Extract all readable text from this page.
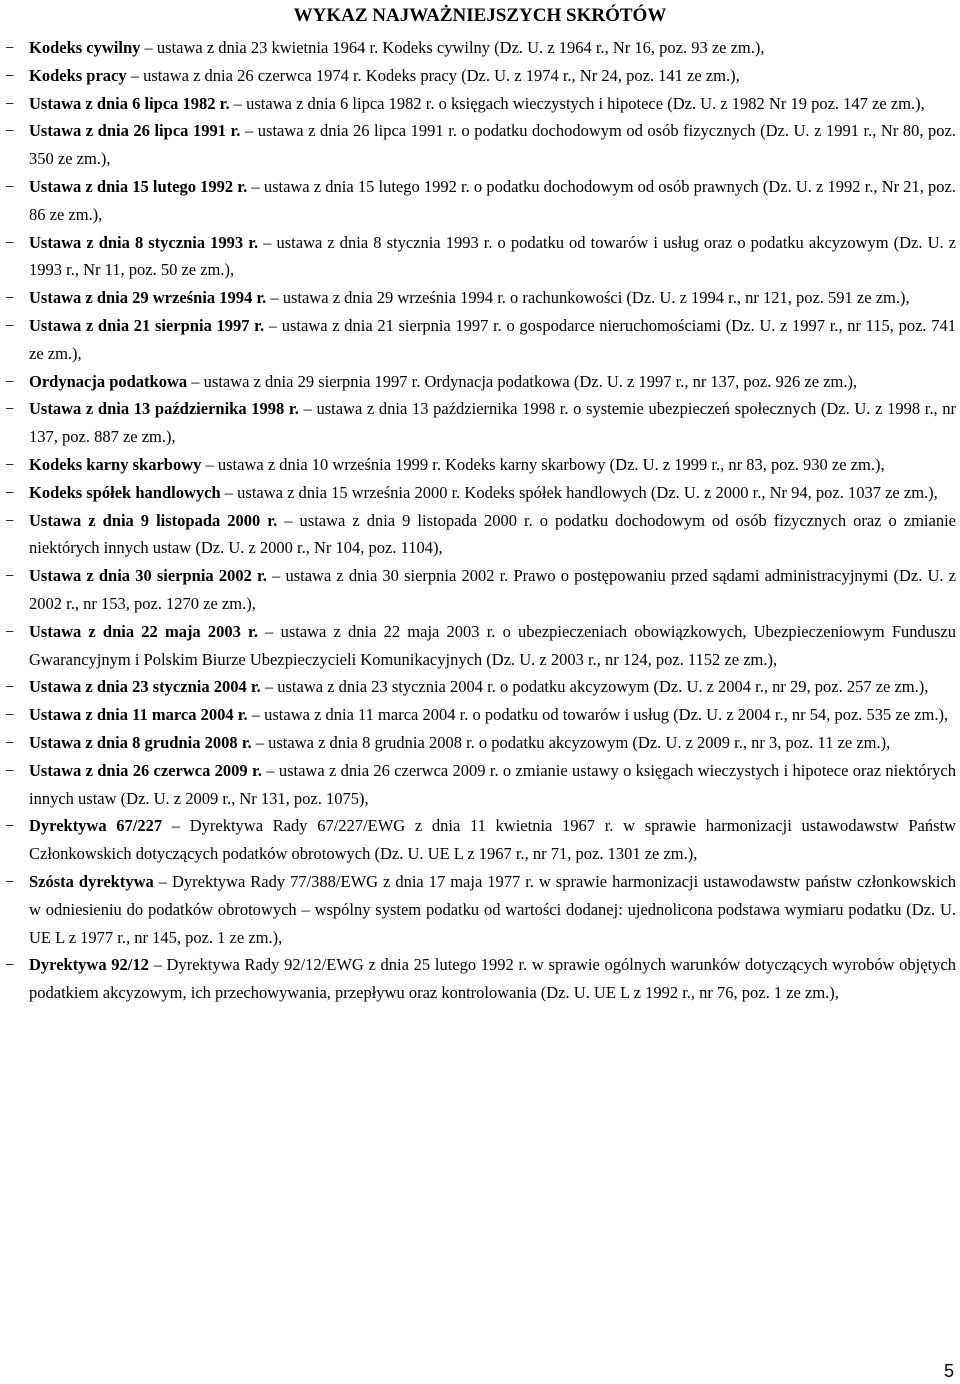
WYKAZ NAJWAŻNIEJSZYCH SKRÓTÓW
− Kodeks cywilny – ustawa z dnia 23 kwietnia 1964 r. Kodeks cywilny (Dz. U. z 1964 r., Nr 16, poz. 93 ze zm.),
− Kodeks pracy – ustawa z dnia 26 czerwca 1974 r. Kodeks pracy (Dz. U. z 1974 r., Nr 24, poz. 141 ze zm.),
− Ustawa z dnia 6 lipca 1982 r. – ustawa z dnia 6 lipca 1982 r. o księgach wieczystych i hipotece (Dz. U. z 1982 Nr 19 poz. 147 ze zm.),
− Ustawa z dnia 26 lipca 1991 r. – ustawa z dnia 26 lipca 1991 r. o podatku dochodowym od osób fizycznych (Dz. U. z 1991 r., Nr 80, poz. 350 ze zm.),
− Ustawa z dnia 15 lutego 1992 r. – ustawa z dnia 15 lutego 1992 r. o podatku dochodowym od osób prawnych (Dz. U. z 1992 r., Nr 21, poz. 86 ze zm.),
− Ustawa z dnia 8 stycznia 1993 r. – ustawa z dnia 8 stycznia 1993 r. o podatku od towarów i usług oraz o podatku akcyzowym (Dz. U. z 1993 r., Nr 11, poz. 50 ze zm.),
− Ustawa z dnia 29 września 1994 r. – ustawa z dnia 29 września 1994 r. o rachunkowości (Dz. U. z 1994 r., nr 121, poz. 591 ze zm.),
− Ustawa z dnia 21 sierpnia 1997 r. – ustawa z dnia 21 sierpnia 1997 r. o gospodarce nieruchomościami (Dz. U. z 1997 r., nr 115, poz. 741 ze zm.),
− Ordynacja podatkowa – ustawa z dnia 29 sierpnia 1997 r. Ordynacja podatkowa (Dz. U. z 1997 r., nr 137, poz. 926 ze zm.),
− Ustawa z dnia 13 października 1998 r. – ustawa z dnia 13 października 1998 r. o systemie ubezpieczeń społecznych (Dz. U. z 1998 r., nr 137, poz. 887 ze zm.),
− Kodeks karny skarbowy – ustawa z dnia 10 września 1999 r. Kodeks karny skarbowy (Dz. U. z 1999 r., nr 83, poz. 930 ze zm.),
− Kodeks spółek handlowych – ustawa z dnia 15 września 2000 r. Kodeks spółek handlowych (Dz. U. z 2000 r., Nr 94, poz. 1037 ze zm.),
− Ustawa z dnia 9 listopada 2000 r. – ustawa z dnia 9 listopada 2000 r. o podatku dochodowym od osób fizycznych oraz o zmianie niektórych innych ustaw (Dz. U. z 2000 r., Nr 104, poz. 1104),
− Ustawa z dnia 30 sierpnia 2002 r. – ustawa z dnia 30 sierpnia 2002 r. Prawo o postępowaniu przed sądami administracyjnymi (Dz. U. z 2002 r., nr 153, poz. 1270 ze zm.),
− Ustawa z dnia 22 maja 2003 r. – ustawa z dnia 22 maja 2003 r. o ubezpieczeniach obowiązkowych, Ubezpieczeniowym Funduszu Gwarancyjnym i Polskim Biurze Ubezpieczycieli Komunikacyjnych (Dz. U. z 2003 r., nr 124, poz. 1152 ze zm.),
− Ustawa z dnia 23 stycznia 2004 r. – ustawa z dnia 23 stycznia 2004 r. o podatku akcyzowym (Dz. U. z 2004 r., nr 29, poz. 257 ze zm.),
− Ustawa z dnia 11 marca 2004 r. – ustawa z dnia 11 marca 2004 r. o podatku od towarów i usług (Dz. U. z 2004 r., nr 54, poz. 535 ze zm.),
− Ustawa z dnia 8 grudnia 2008 r. – ustawa z dnia 8 grudnia 2008 r. o podatku akcyzowym (Dz. U. z 2009 r., nr 3, poz. 11 ze zm.),
− Ustawa z dnia 26 czerwca 2009 r. – ustawa z dnia 26 czerwca 2009 r. o zmianie ustawy o księgach wieczystych i hipotece oraz niektórych innych ustaw (Dz. U. z 2009 r., Nr 131, poz. 1075),
− Dyrektywa 67/227 – Dyrektywa Rady 67/227/EWG z dnia 11 kwietnia 1967 r. w sprawie harmonizacji ustawodawstw Państw Członkowskich dotyczących podatków obrotowych (Dz. U. UE L z 1967 r., nr 71, poz. 1301 ze zm.),
− Szósta dyrektywa – Dyrektywa Rady 77/388/EWG z dnia 17 maja 1977 r. w sprawie harmonizacji ustawodawstw państw członkowskich w odniesieniu do podatków obrotowych – wspólny system podatku od wartości dodanej: ujednolicona podstawa wymiaru podatku (Dz. U. UE L z 1977 r., nr 145, poz. 1 ze zm.),
− Dyrektywa 92/12 – Dyrektywa Rady 92/12/EWG z dnia 25 lutego 1992 r. w sprawie ogólnych warunków dotyczących wyrobów objętych podatkiem akcyzowym, ich przechowywania, przepływu oraz kontrolowania (Dz. U. UE L z 1992 r., nr 76, poz. 1 ze zm.),
5
